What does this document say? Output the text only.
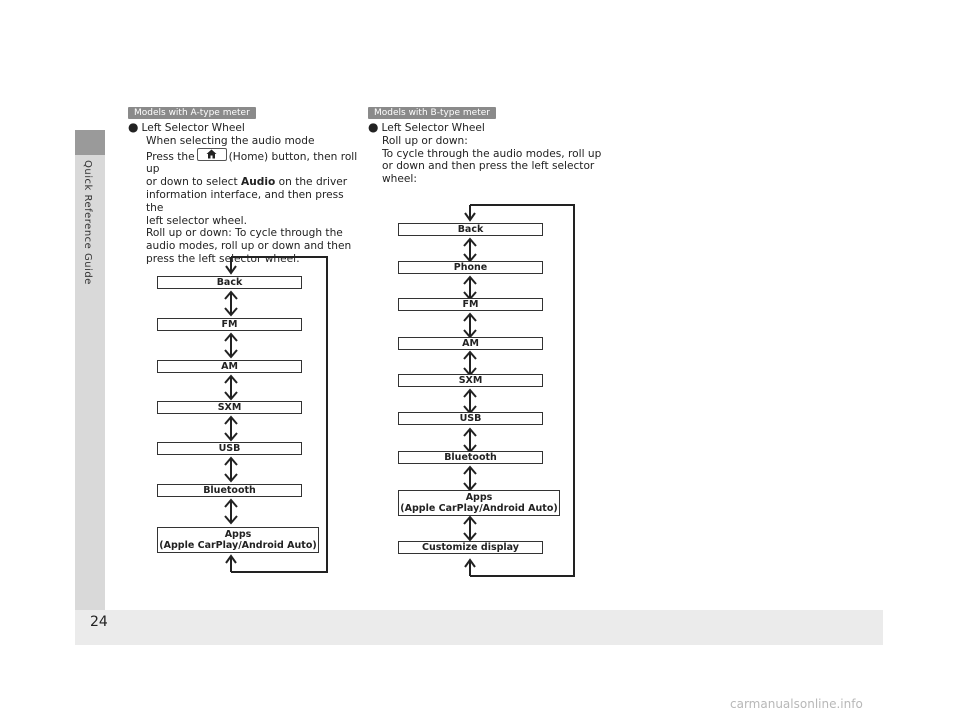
Quick Reference Guide
24
Models with A-type meter
● Left Selector Wheel
When selecting the audio mode
Press the	(Home) button, then roll up
or down to select Audio on the driver
information interface, and then press the
left selector wheel.
Roll up or down: To cycle through the
audio modes, roll up or down and then
press the left selector wheel:
Models with B-type meter
● Left Selector Wheel
Roll up or down:
To cycle through the audio modes, roll up
or down and then press the left selector
wheel:
Back
FM
AM
SXM
USB
Bluetooth
Apps
(Apple CarPlay/Android Auto)
Back
Phone
FM
AM
SXM
USB
Bluetooth
Apps
(Apple CarPlay/Android Auto)
Customize display
carmanualsonline.info
